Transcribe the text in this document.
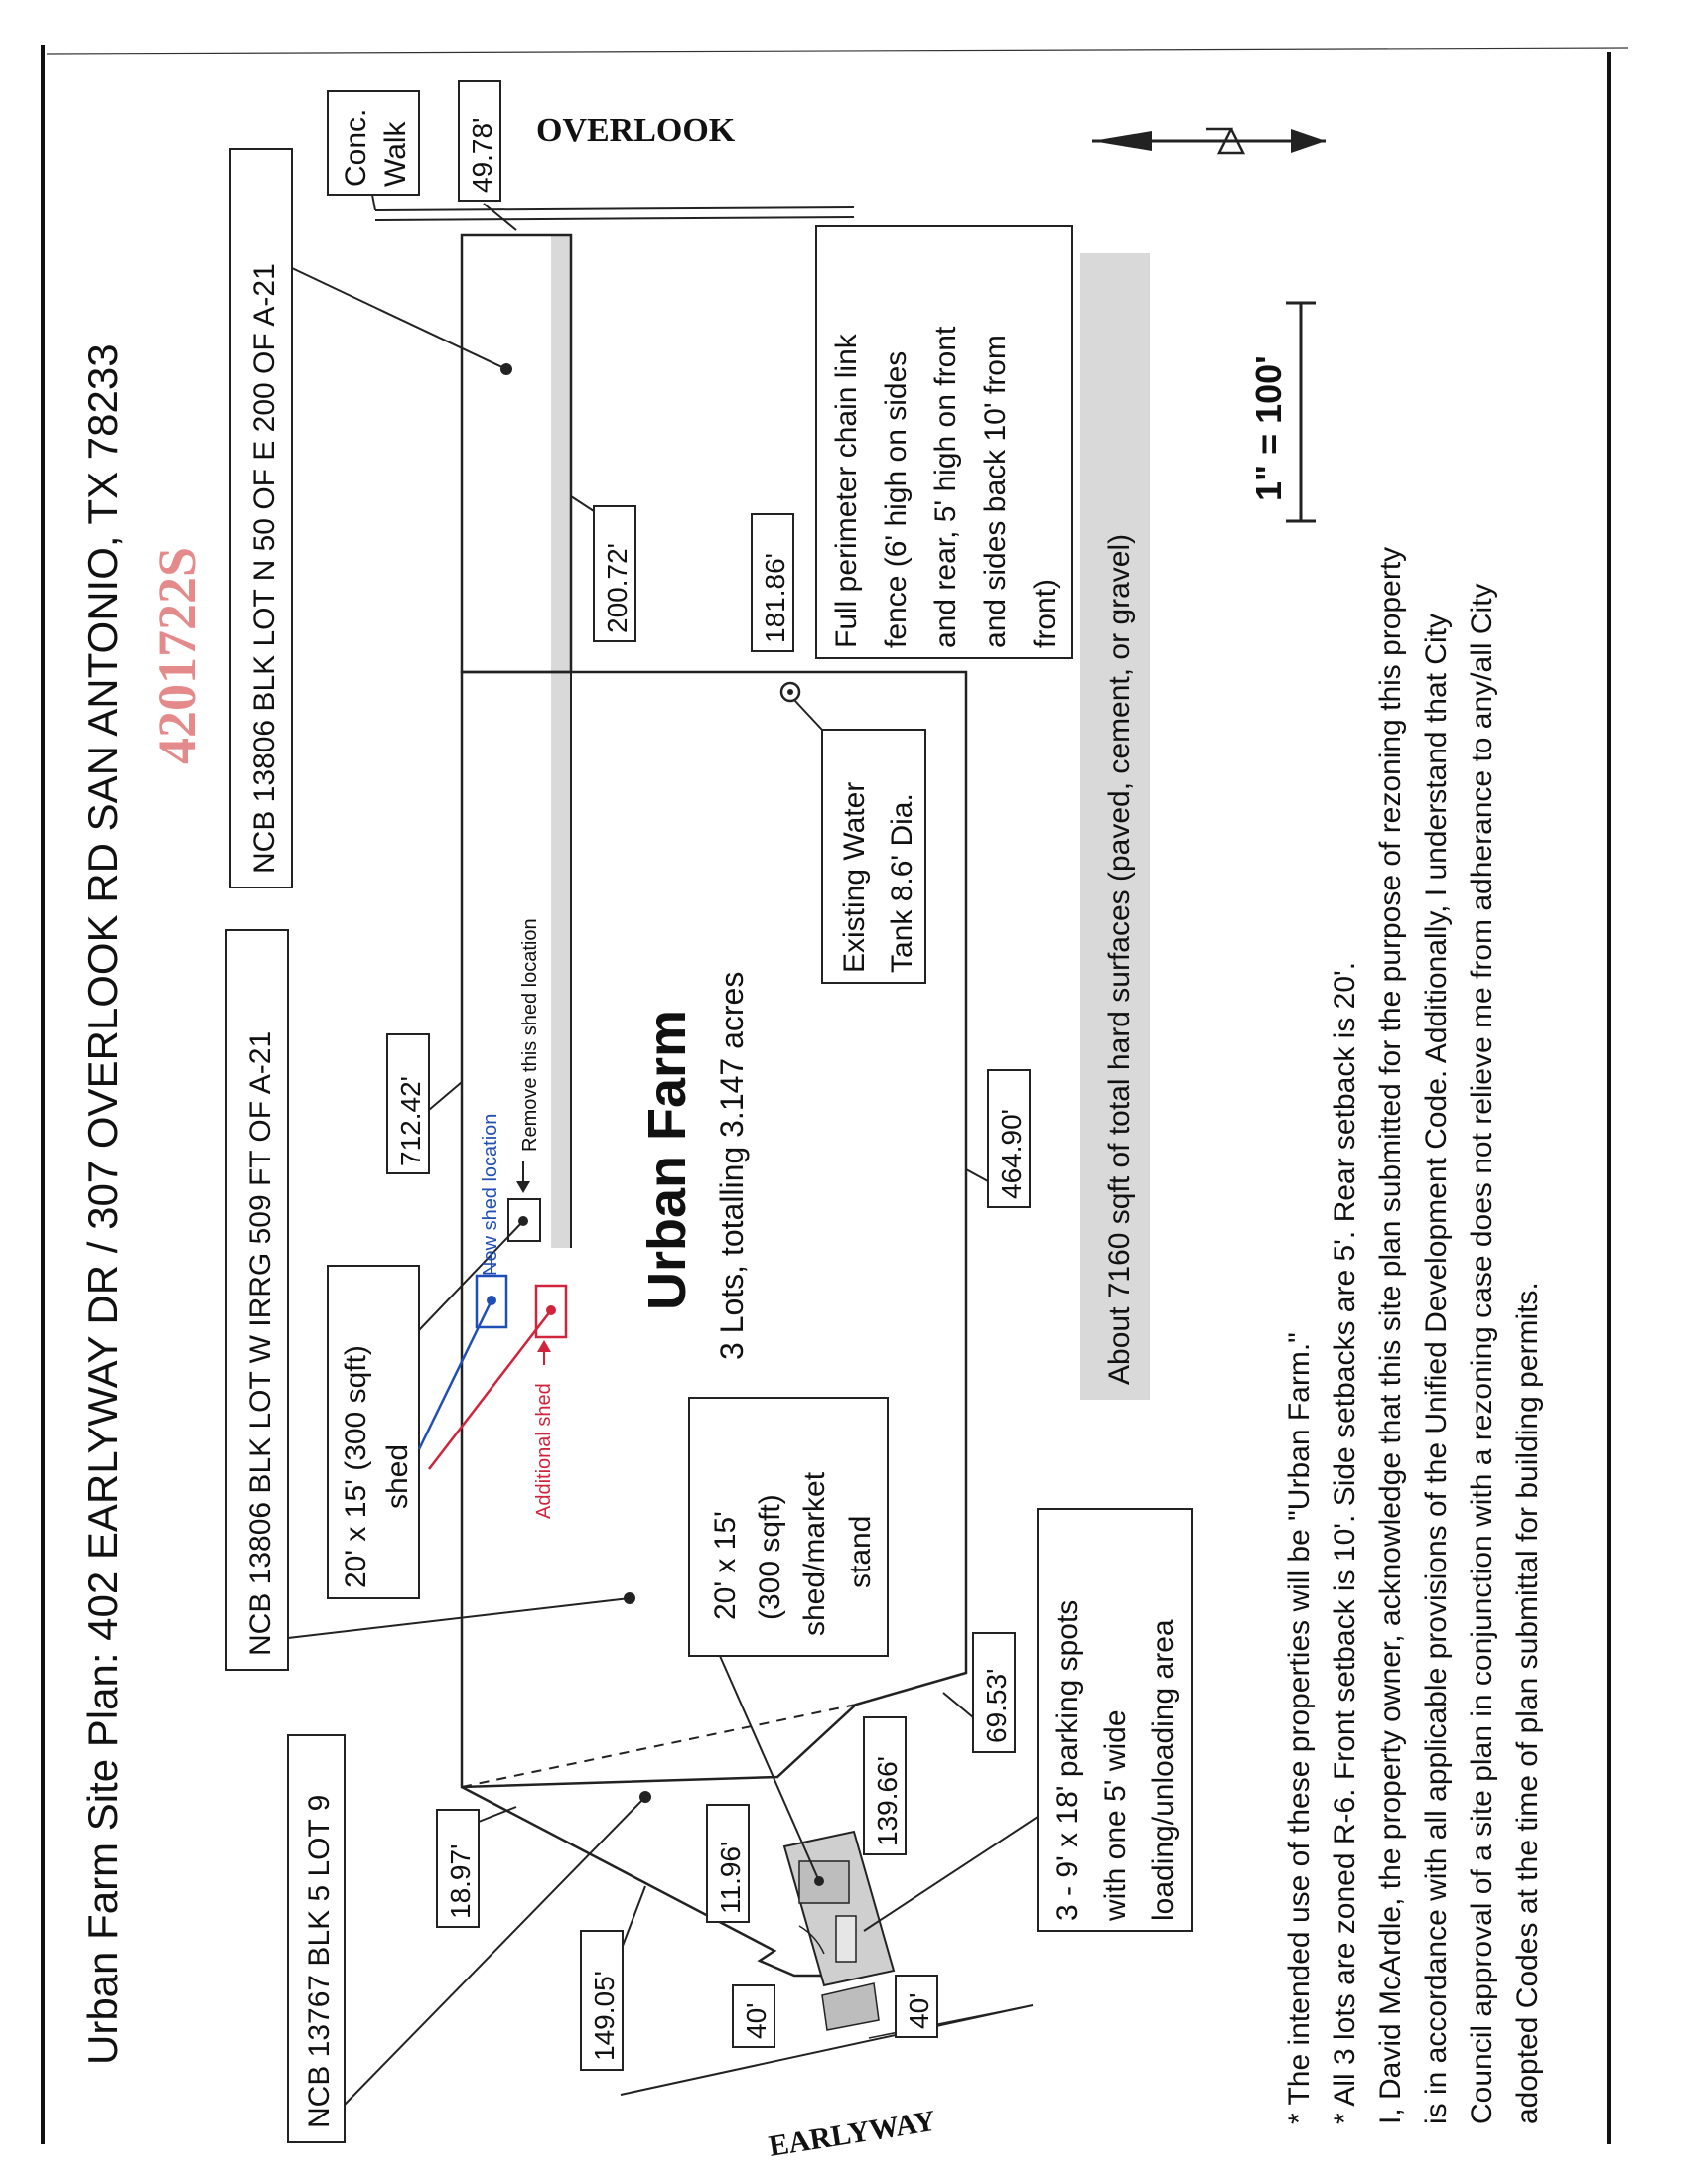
Urban Farm Site Plan: 402 EARLYWAY DR / 307 OVERLOOK RD SAN ANTONIO, TX 78233 4201722S
OVERLOOK
EARLYWAY
NCB 13806 BLK LOT N 50 OF E 200 OF A-21
NCB 13806 BLK LOT W IRRG 509 FT OF A-21
NCB 13767 BLK 5 LOT 9
Conc. Walk 49.78'
200.72'	181.86'
712.42'	464.90'
69.53'
139.66'
11.96'
18.97'
149.05'	40'	40'
Full perimeter chain link fence (6' high on sides and rear, 5' high on front and sides back 10' from front)
Existing Water Tank 8.6' Dia.
Urban Farm 3 Lots, totalling 3.147 acres
20' x 15' (300 sqft) shed
New shed location
Remove this shed location
Additional shed
20' x 15' (300 sqft) shed/market stand
3 - 9' x 18' parking spots with one 5' wide loading/unloading area
About 7160 sqft of total hard surfaces (paved, cement, or gravel)
1" = 100'
* The intended use of these properties will be "Urban Farm." * All 3 lots are zoned R-6. Front setback is 10'. Side setbacks are 5'. Rear setback is 20'. I, David McArdle, the property owner, acknowledge that this site plan submitted for the purpose of rezoning this property is in accordance with all applicable provisions of the Unified Development Code. Additionally, I understand that City Council approval of a site plan in conjunction with a rezoning case does not relieve me from adherance to any/all City adopted Codes at the time of plan submittal for building permits.
